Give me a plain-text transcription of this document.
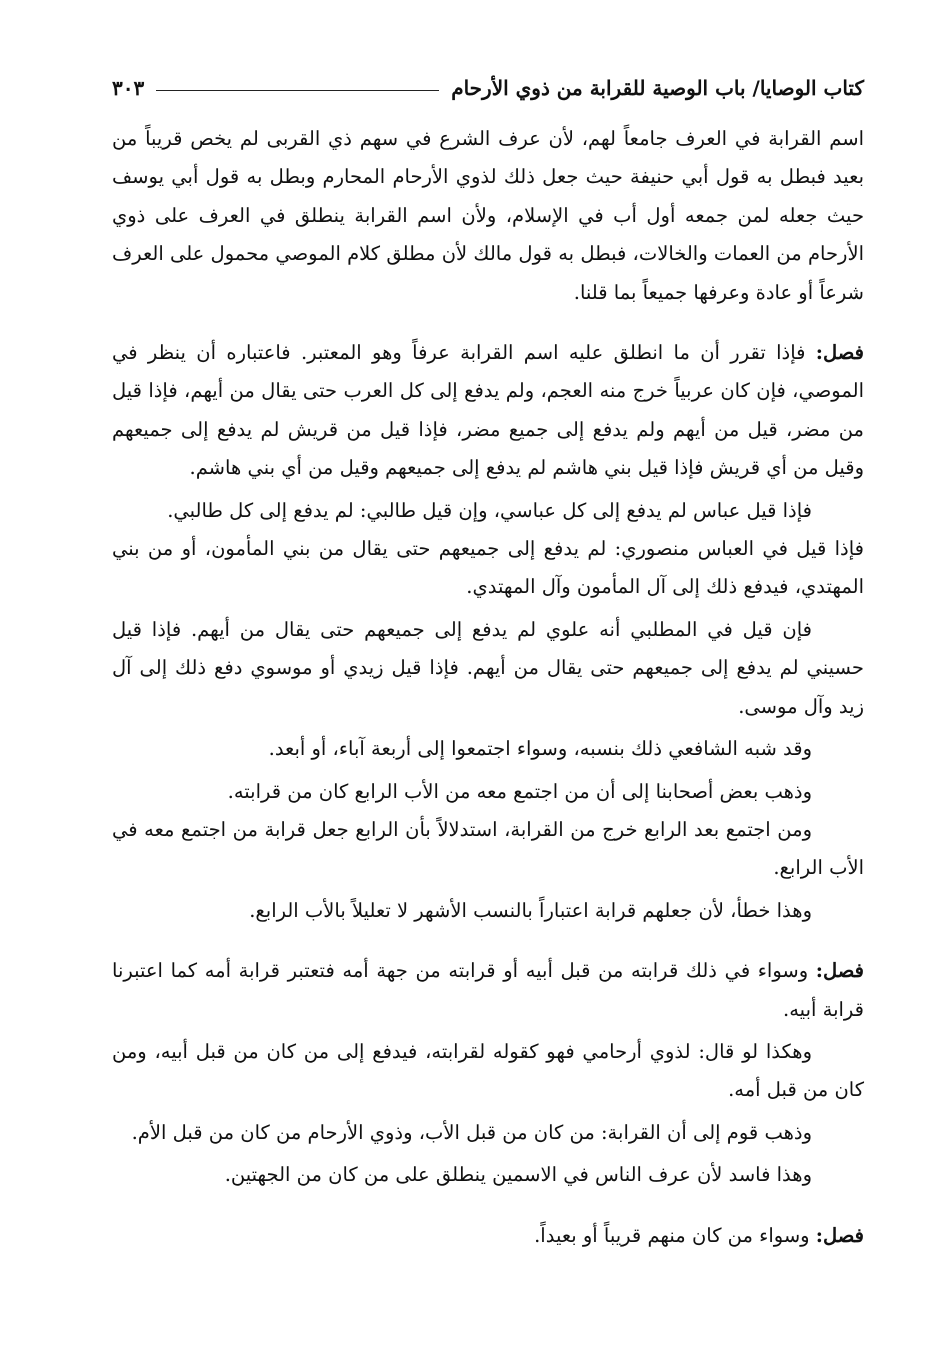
كتاب الوصايا/ باب الوصية للقرابة من ذوي الأرحام
٣٠٣

اسم القرابة في العرف جامعاً لهم، لأن عرف الشرع في سهم ذي القربى لم يخص قريباً من بعيد فبطل به قول أبي حنيفة حيث جعل ذلك لذوي الأرحام المحارم وبطل به قول أبي يوسف حيث جعله لمن جمعه أول أب في الإسلام، ولأن اسم القرابة ينطلق في العرف على ذوي الأرحام من العمات والخالات، فبطل به قول مالك لأن مطلق كلام الموصي محمول على العرف شرعاً أو عادة وعرفها جميعاً بما قلنا.

فصل: فإذا تقرر أن ما انطلق عليه اسم القرابة عرفاً وهو المعتبر. فاعتباره أن ينظر في الموصي، فإن كان عربياً خرج منه العجم، ولم يدفع إلى كل العرب حتى يقال من أيهم، فإذا قيل من مضر، قيل من أيهم ولم يدفع إلى جميع مضر، فإذا قيل من قريش لم يدفع إلى جميعهم وقيل من أي قريش فإذا قيل بني هاشم لم يدفع إلى جميعهم وقيل من أي بني هاشم.

فإذا قيل عباس لم يدفع إلى كل عباسي، وإن قيل طالبي: لم يدفع إلى كل طالبي.

فإذا قيل في العباس منصوري: لم يدفع إلى جميعهم حتى يقال من بني المأمون، أو من بني المهتدي، فيدفع ذلك إلى آل المأمون وآل المهتدي.

فإن قيل في المطلبي أنه علوي لم يدفع إلى جميعهم حتى يقال من أيهم. فإذا قيل حسيني لم يدفع إلى جميعهم حتى يقال من أيهم. فإذا قيل زيدي أو موسوي دفع ذلك إلى آل زيد وآل موسى.

وقد شبه الشافعي ذلك بنسبه، وسواء اجتمعوا إلى أربعة آباء، أو أبعد.

وذهب بعض أصحابنا إلى أن من اجتمع معه من الأب الرابع كان من قرابته.

ومن اجتمع بعد الرابع خرج من القرابة، استدلالاً بأن الرابع جعل قرابة من اجتمع معه في الأب الرابع.

وهذا خطأ، لأن جعلهم قرابة اعتباراً بالنسب الأشهر لا تعليلاً بالأب الرابع.

فصل: وسواء في ذلك قرابته من قبل أبيه أو قرابته من جهة أمه فتعتبر قرابة أمه كما اعتبرنا قرابة أبيه.

وهكذا لو قال: لذوي أرحامي فهو كقوله لقرابته، فيدفع إلى من كان من قبل أبيه، ومن كان من قبل أمه.

وذهب قوم إلى أن القرابة: من كان من قبل الأب، وذوي الأرحام من كان من قبل الأم.

وهذا فاسد لأن عرف الناس في الاسمين ينطلق على من كان من الجهتين.

فصل: وسواء من كان منهم قريباً أو بعيداً.
